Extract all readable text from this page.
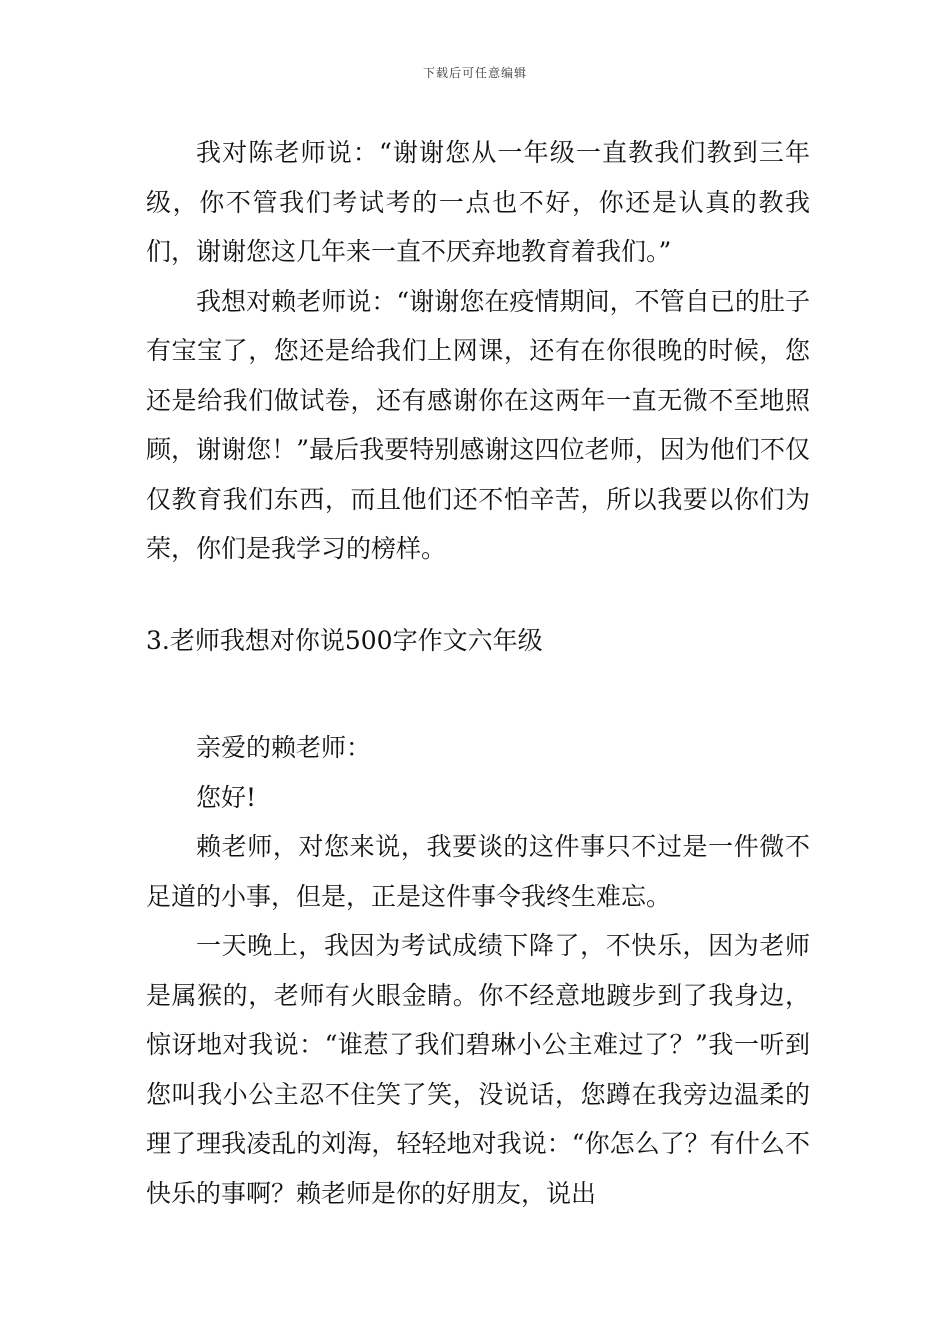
下载后可任意编辑

我对陈老师说：“谢谢您从一年级一直教我们教到三年级，你不管我们考试考的一点也不好，你还是认真的教我们，谢谢您这几年来一直不厌弃地教育着我们。”

我想对赖老师说：“谢谢您在疫情期间，不管自已的肚子有宝宝了，您还是给我们上网课，还有在你很晚的时候，您还是给我们做试卷，还有感谢你在这两年一直无微不至地照顾，谢谢您！”最后我要特别感谢这四位老师，因为他们不仅仅教育我们东西，而且他们还不怕辛苦，所以我要以你们为荣，你们是我学习的榜样。

3.老师我想对你说500字作文六年级

亲爱的赖老师：

您好!

赖老师，对您来说，我要谈的这件事只不过是一件微不足道的小事，但是，正是这件事令我终生难忘。

一天晚上，我因为考试成绩下降了，不快乐，因为老师是属猴的，老师有火眼金睛。你不经意地踱步到了我身边，惊讶地对我说：“谁惹了我们碧琳小公主难过了？”我一听到您叫我小公主忍不住笑了笑，没说话，您蹲在我旁边温柔的理了理我凌乱的刘海，轻轻地对我说：“你怎么了？有什么不快乐的事啊？赖老师是你的好朋友，说出
